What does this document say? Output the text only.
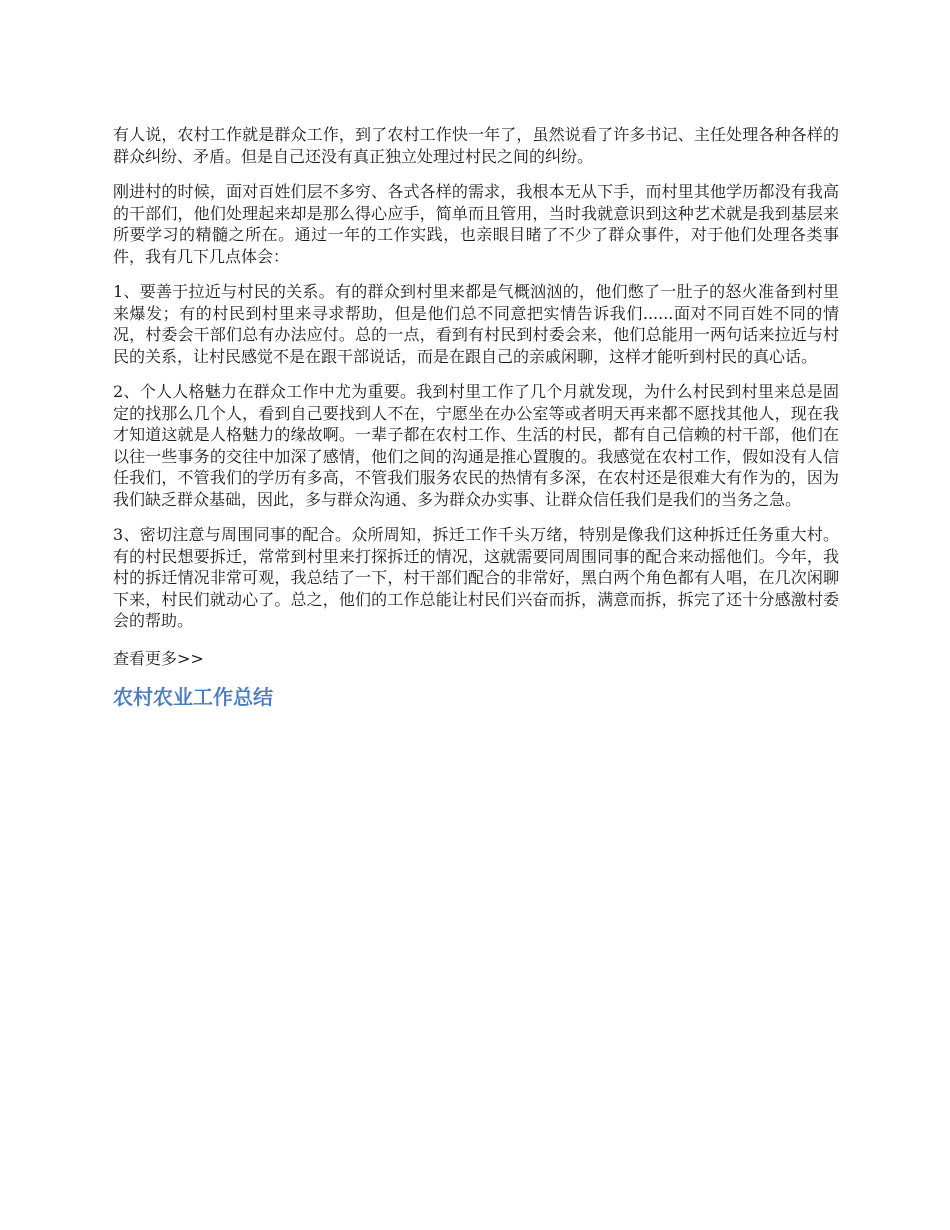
有人说，农村工作就是群众工作，到了农村工作快一年了，虽然说看了许多书记、主任处理各种各样的群众纠纷、矛盾。但是自己还没有真正独立处理过村民之间的纠纷。

刚进村的时候，面对百姓们层不多穷、各式各样的需求，我根本无从下手，而村里其他学历都没有我高的干部们，他们处理起来却是那么得心应手，简单而且管用，当时我就意识到这种艺术就是我到基层来所要学习的精髓之所在。通过一年的工作实践，也亲眼目睹了不少了群众事件，对于他们处理各类事件，我有几下几点体会：

1、要善于拉近与村民的关系。有的群众到村里来都是气概汹汹的，他们憋了一肚子的怒火准备到村里来爆发；有的村民到村里来寻求帮助，但是他们总不同意把实情告诉我们......面对不同百姓不同的情况，村委会干部们总有办法应付。总的一点，看到有村民到村委会来，他们总能用一两句话来拉近与村民的关系，让村民感觉不是在跟干部说话，而是在跟自己的亲戚闲聊，这样才能听到村民的真心话。

2、个人人格魅力在群众工作中尤为重要。我到村里工作了几个月就发现，为什么村民到村里来总是固定的找那么几个人，看到自己要找到人不在，宁愿坐在办公室等或者明天再来都不愿找其他人，现在我才知道这就是人格魅力的缘故啊。一辈子都在农村工作、生活的村民，都有自己信赖的村干部，他们在以往一些事务的交往中加深了感情，他们之间的沟通是推心置腹的。我感觉在农村工作，假如没有人信任我们，不管我们的学历有多高，不管我们服务农民的热情有多深，在农村还是很难大有作为的，因为我们缺乏群众基础，因此，多与群众沟通、多为群众办实事、让群众信任我们是我们的当务之急。

3、密切注意与周围同事的配合。众所周知，拆迁工作千头万绪，特别是像我们这种拆迁任务重大村。有的村民想要拆迁，常常到村里来打探拆迁的情况，这就需要同周围同事的配合来动摇他们。今年，我村的拆迁情况非常可观，我总结了一下，村干部们配合的非常好，黑白两个角色都有人唱，在几次闲聊下来，村民们就动心了。总之，他们的工作总能让村民们兴奋而拆，满意而拆，拆完了还十分感激村委会的帮助。

查看更多>>
农村农业工作总结
